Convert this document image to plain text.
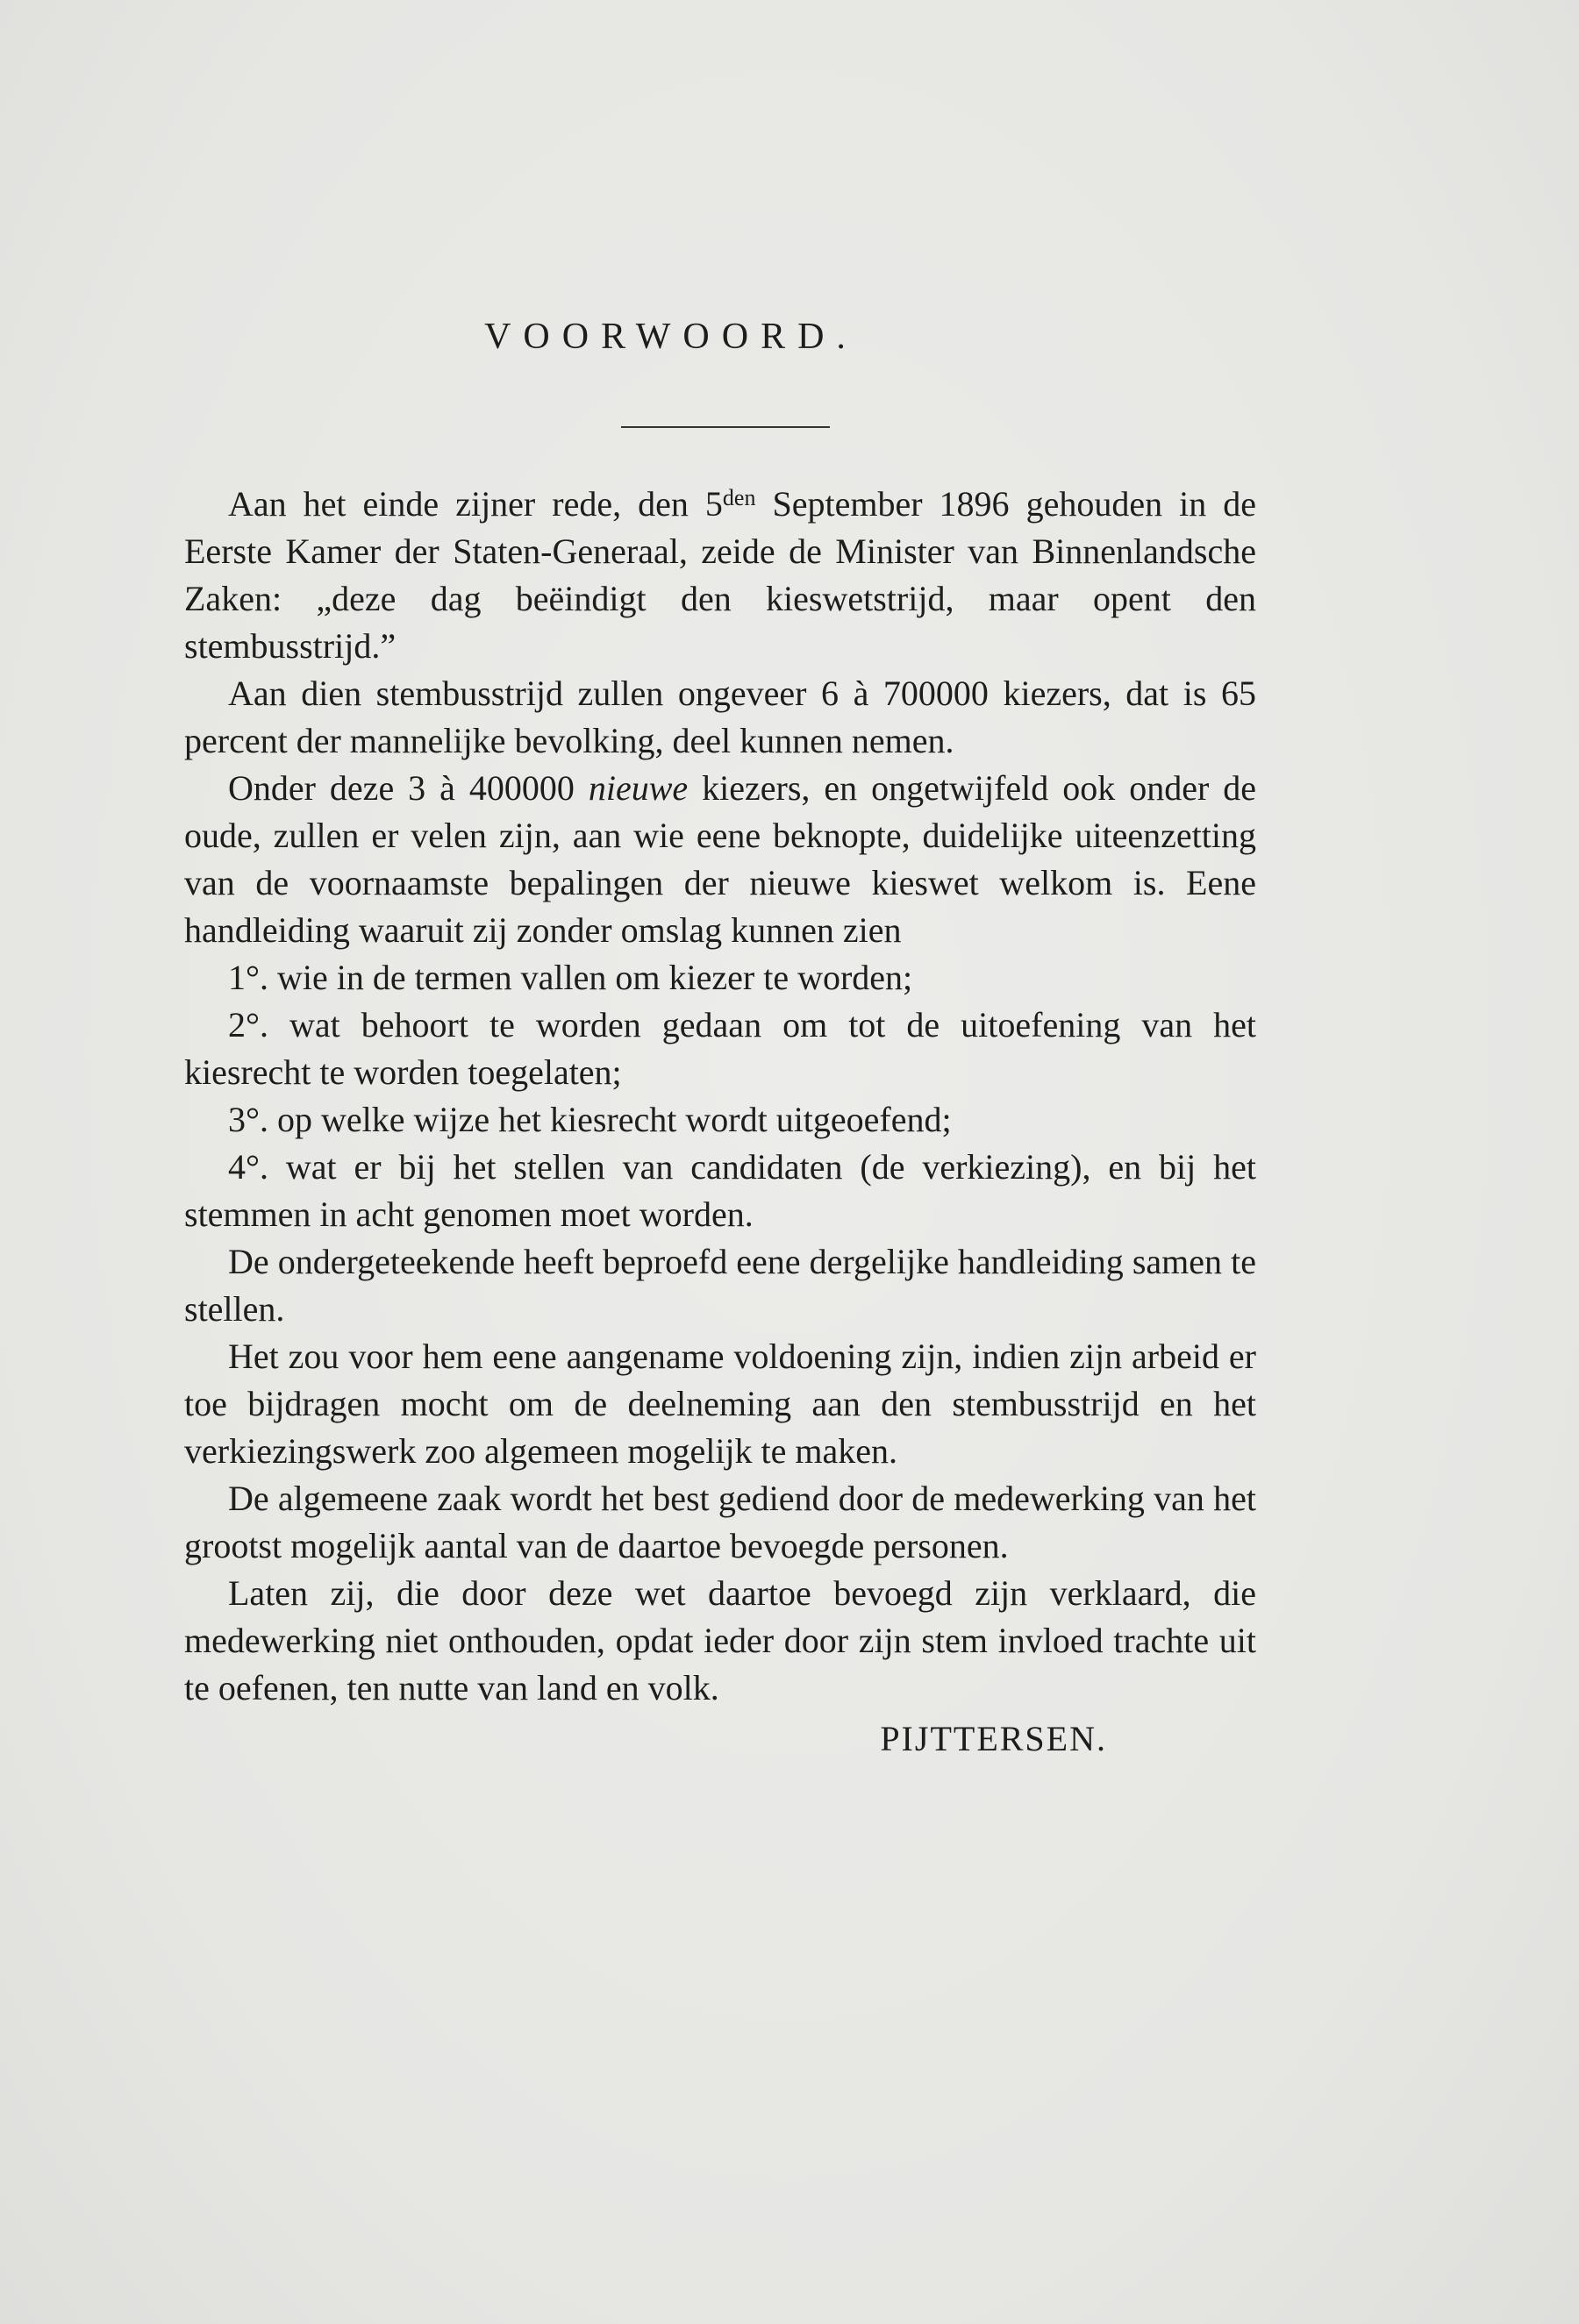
VOORWOORD.

Aan het einde zijner rede, den $5^{den}$ September 1896 gehouden in de Eerste Kamer der Staten-Generaal, zeide de Minister van Binnenlandsche Zaken: „deze dag beëindigt den kieswetstrijd, maar opent den stembusstrijd.”

Aan dien stembusstrijd zullen ongeveer 6 à 700000 kiezers, dat is 65 percent der mannelijke bevolking, deel kunnen nemen.

Onder deze 3 à 400000 nieuwe kiezers, en ongetwijfeld ook onder de oude, zullen er velen zijn, aan wie eene beknopte, duidelijke uiteenzetting van de voornaamste bepalingen der nieuwe kieswet welkom is. Eene handleiding waaruit zij zonder omslag kunnen zien

1°. wie in de termen vallen om kiezer te worden;

2°. wat behoort te worden gedaan om tot de uitoefening van het kiesrecht te worden toegelaten;

3°. op welke wijze het kiesrecht wordt uitgeoefend;

4°. wat er bij het stellen van candidaten (de verkiezing), en bij het stemmen in acht genomen moet worden.

De ondergeteekende heeft beproefd eene dergelijke handleiding samen te stellen.

Het zou voor hem eene aangename voldoening zijn, indien zijn arbeid er toe bijdragen mocht om de deelneming aan den stembusstrijd en het verkiezingswerk zoo algemeen mogelijk te maken.

De algemeene zaak wordt het best gediend door de medewerking van het grootst mogelijk aantal van de daartoe bevoegde personen.

Laten zij, die door deze wet daartoe bevoegd zijn verklaard, die medewerking niet onthouden, opdat ieder door zijn stem invloed trachte uit te oefenen, ten nutte van land en volk.

PIJTTERSEN.
